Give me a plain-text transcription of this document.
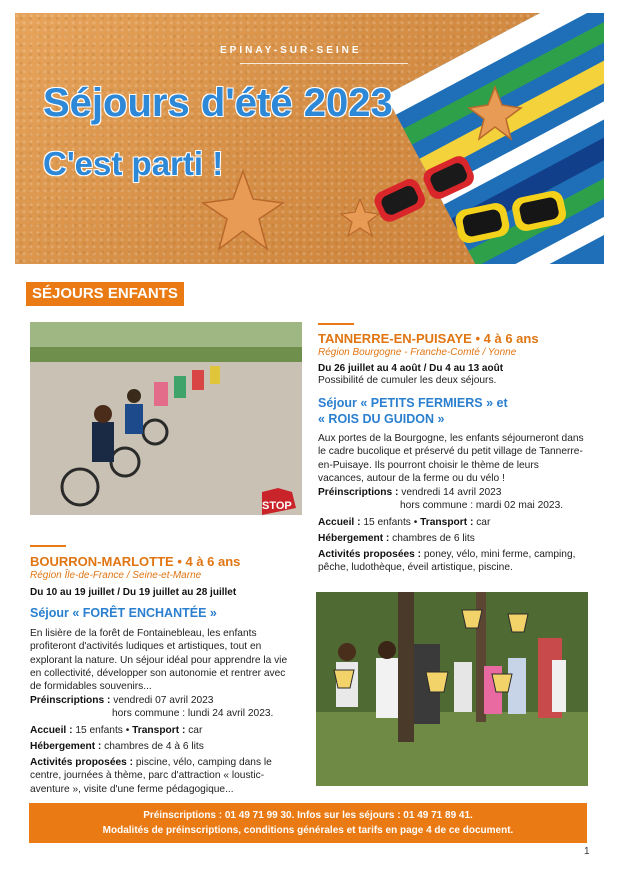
EPINAY-SUR-SEINE
Séjours d'été 2023
C'est parti !
SÉJOURS ENFANTS
STOP
TANNERRE-EN-PUISAYE • 4 à 6 ans
Région Bourgogne - Franche-Comté / Yonne
Du 26 juillet au 4 août / Du 4 au 13 août
Possibilité de cumuler les deux séjours.
Séjour « PETITS FERMIERS » et
« ROIS DU GUIDON »
Aux portes de la Bourgogne, les enfants séjourneront dans le cadre bucolique et préservé du petit village de Tannerre-en-Puisaye. Ils pourront choisir le thème de leurs vacances, autour de la ferme ou du vélo !
Préinscriptions : vendredi 14 avril 2023
hors commune : mardi 02 mai 2023.
Accueil : 15 enfants • Transport : car
Hébergement : chambres de 6 lits
Activités proposées : poney, vélo, mini ferme, camping, pêche, ludothèque, éveil artistique, piscine.
BOURRON-MARLOTTE • 4 à 6 ans
Région Île-de-France / Seine-et-Marne
Du 10 au 19 juillet / Du 19 juillet au 28 juillet
Séjour « FORÊT ENCHANTÉE »
En lisière de la forêt de Fontainebleau, les enfants profiteront d'activités ludiques et artistiques, tout en explorant la nature. Un séjour idéal pour apprendre la vie en collectivité, développer son autonomie et rentrer avec de formidables souvenirs...
Préinscriptions : vendredi 07 avril 2023
hors commune : lundi 24 avril 2023.
Accueil : 15 enfants • Transport : car
Hébergement : chambres de 4 à 6 lits
Activités proposées : piscine, vélo, camping dans le centre, journées à thème, parc d'attraction « loustic-aventure », visite d'une ferme pédagogique...
Préinscriptions : 01 49 71 99 30. Infos sur les séjours : 01 49 71 89 41.
Modalités de préinscriptions, conditions générales et tarifs en page 4 de ce document.
1
